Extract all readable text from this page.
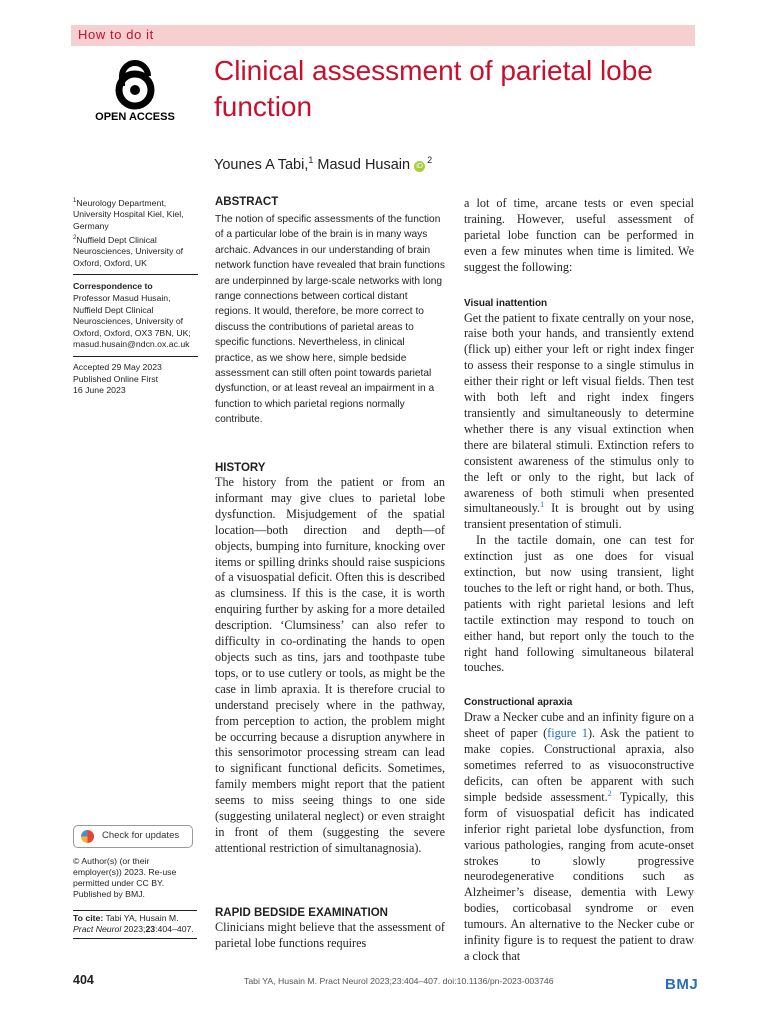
How to do it
OPEN ACCESS
Clinical assessment of parietal lobe function
Younes A Tabi,$^1$ Masud Husain $iD^2$

$^1$Neurology Department, University Hospital Kiel, Kiel, Germany

$^2$Nuffield Dept Clinical Neurosciences, University of Oxford, Oxford, UK

Correspondence to

Professor Masud Husain, Nuffield Dept Clinical Neurosciences, University of Oxford, Oxford, OX3 7BN, UK; masud.husain@ndcn.ox.ac.uk

Accepted 29 May 2023

Published Online First

16 June 2023

Check for updates
© Author(s) (or their employer(s)) 2023. Re-use permitted under CC BY. Published by BMJ.
To cite: Tabi YA, Husain M. Pract Neurol 2023;23:404–407.

ABSTRACT

The notion of specific assessments of the function of a particular lobe of the brain is in many ways archaic. Advances in our understanding of brain network function have revealed that brain functions are underpinned by large-scale networks with long range connections between cortical distant regions. It would, therefore, be more correct to discuss the contributions of parietal areas to specific functions. Nevertheless, in clinical practice, as we show here, simple bedside assessment can still often point towards parietal dysfunction, or at least reveal an impairment in a function to which parietal regions normally contribute.

HISTORY

The history from the patient or from an informant may give clues to parietal lobe dysfunction. Misjudgement of the spatial location—both direction and depth—of objects, bumping into furniture, knocking over items or spilling drinks should raise suspicions of a visuospatial deficit. Often this is described as clumsiness. If this is the case, it is worth enquiring further by asking for a more detailed description. ‘Clumsiness’ can also refer to difficulty in co-ordinating the hands to open objects such as tins, jars and toothpaste tube tops, or to use cutlery or tools, as might be the case in limb apraxia. It is therefore crucial to understand precisely where in the pathway, from perception to action, the problem might be occurring because a disruption anywhere in this sensorimotor processing stream can lead to significant functional deficits. Sometimes, family members might report that the patient seems to miss seeing things to one side (suggesting unilateral neglect) or even straight in front of them (suggesting the severe attentional restriction of simultanagnosia).

RAPID BEDSIDE EXAMINATION

Clinicians might believe that the assessment of parietal lobe functions requires

a lot of time, arcane tests or even special training. However, useful assessment of parietal lobe function can be performed in even a few minutes when time is limited. We suggest the following:

Visual inattention

Get the patient to fixate centrally on your nose, raise both your hands, and transiently extend (flick up) either your left or right index finger to assess their response to a single stimulus in either their right or left visual fields. Then test with both left and right index fingers transiently and simultaneously to determine whether there is any visual extinction when there are bilateral stimuli. Extinction refers to consistent awareness of the stimulus only to the left or only to the right, but lack of awareness of both stimuli when presented simultaneously.$^1$ It is brought out by using transient presentation of stimuli.

In the tactile domain, one can test for extinction just as one does for visual extinction, but now using transient, light touches to the left or right hand, or both. Thus, patients with right parietal lesions and left tactile extinction may respond to touch on either hand, but report only the touch to the right hand following simultaneous bilateral touches.

Constructional apraxia

Draw a Necker cube and an infinity figure on a sheet of paper (figure 1). Ask the patient to make copies. Constructional apraxia, also sometimes referred to as visuoconstructive deficits, can often be apparent with such simple bedside assessment.$^2$ Typically, this form of visuospatial deficit has indicated inferior right parietal lobe dysfunction, from various pathologies, ranging from acute-onset strokes to slowly progressive neurodegenerative conditions such as Alzheimer’s disease, dementia with Lewy bodies, corticobasal syndrome or even tumours. An alternative to the Necker cube or infinity figure is to request the patient to draw a clock that

404	Tabi YA, Husain M. Pract Neurol 2023;23:404–407. doi:10.1136/pn-2023-003746	BMJ
